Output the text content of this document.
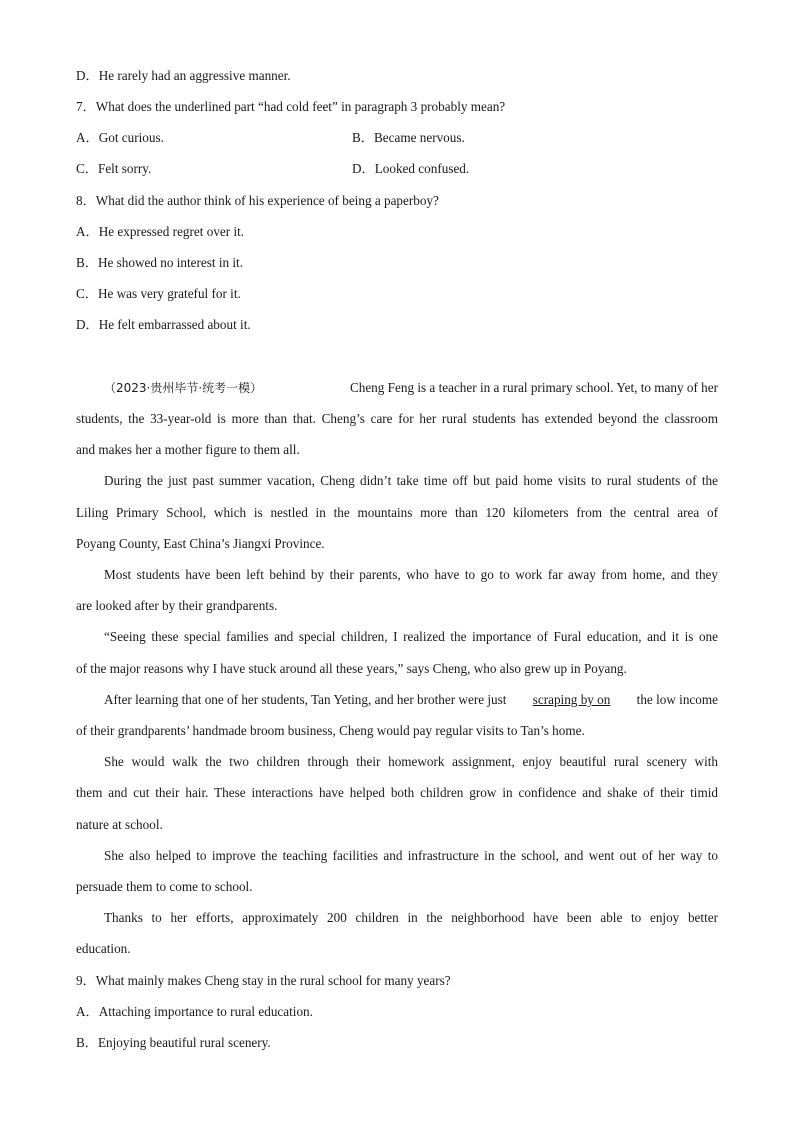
D．He rarely had an aggressive manner.
7．What does the underlined part “had cold feet” in paragraph 3 probably mean?
A．Got curious.	B．Became nervous.
C．Felt sorry.	D．Looked confused.
8．What did the author think of his experience of being a paperboy?
A．He expressed regret over it.
B．He showed no interest in it.
C．He was very grateful for it.
D．He felt embarrassed about it.
（2023·贵州毕节·统考一模）	Cheng Feng is a teacher in a rural primary school. Yet, to many of her
students, the 33-year-old is more than that. Cheng’s care for her rural students has extended beyond the classroom
and makes her a mother figure to them all.
During the just past summer vacation, Cheng didn’t take time off but paid home visits to rural students of the
Liling Primary School, which is nestled in the mountains more than 120 kilometers from the central area of
Poyang County, East China’s Jiangxi Province.
Most students have been left behind by their parents, who have to go to work far away from home, and they
are looked after by their grandparents.
“Seeing these special families and special children, I realized the importance of Fural education, and it is one
of the major reasons why I have stuck around all these years,” says Cheng, who also grew up in Poyang.
After learning that one of her students, Tan Yeting, and her brother were just scraping by on the low income
of their grandparents’ handmade broom business, Cheng would pay regular visits to Tan’s home.
She would walk the two children through their homework assignment, enjoy beautiful rural scenery with
them and cut their hair. These interactions have helped both children grow in confidence and shake of their timid
nature at school.
She also helped to improve the teaching facilities and infrastructure in the school, and went out of her way to
persuade them to come to school.
Thanks to her efforts, approximately 200 children in the neighborhood have been able to enjoy better
education.
9．What mainly makes Cheng stay in the rural school for many years?
A．Attaching importance to rural education.
B．Enjoying beautiful rural scenery.
